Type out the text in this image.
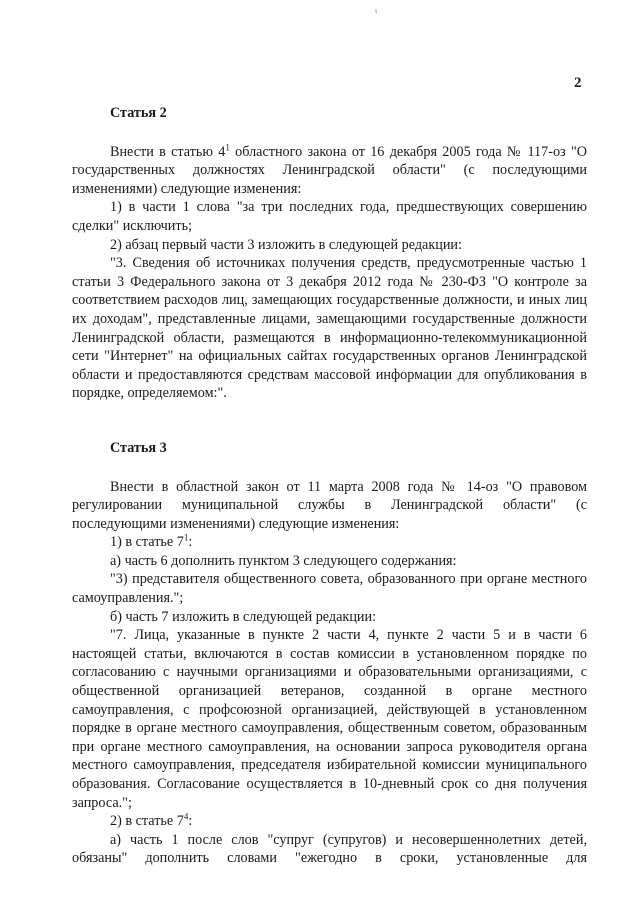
ι
2
Статья 2
Внести в статью $4^1$ областного закона от 16 декабря 2005 года № 117-оз "О государственных должностях Ленинградской области" (с последующими изменениями) следующие изменения:
1) в части 1 слова "за три последних года, предшествующих совершению сделки" исключить;
2) абзац первый части 3 изложить в следующей редакции:
"3. Сведения об источниках получения средств, предусмотренные частью 1 статьи 3 Федерального закона от 3 декабря 2012 года № 230-ФЗ "О контроле за соответствием расходов лиц, замещающих государственные должности, и иных лиц их доходам", представленные лицами, замещающими государственные должности Ленинградской области, размещаются в информационно-телекоммуникационной сети "Интернет" на официальных сайтах государственных органов Ленинградской области и предоставляются средствам массовой информации для опубликования в порядке, определяемом:".
Статья 3
Внести в областной закон от 11 марта 2008 года № 14-оз "О правовом регулировании муниципальной службы в Ленинградской области" (с последующими изменениями) следующие изменения:
1) в статье $7^1$:
а) часть 6 дополнить пунктом 3 следующего содержания:
"3) представителя общественного совета, образованного при органе местного самоуправления.";
б) часть 7 изложить в следующей редакции:
"7. Лица, указанные в пункте 2 части 4, пункте 2 части 5 и в части 6 настоящей статьи, включаются в состав комиссии в установленном порядке по согласованию с научными организациями и образовательными организациями, с общественной организацией ветеранов, созданной в органе местного самоуправления, с профсоюзной организацией, действующей в установленном порядке в органе местного самоуправления, общественным советом, образованным при органе местного самоуправления, на основании запроса руководителя органа местного самоуправления, председателя избирательной комиссии муниципального образования. Согласование осуществляется в 10-дневный срок со дня получения запроса.";
2) в статье $7^4$:
а) часть 1 после слов "супруг (супругов) и несовершеннолетних детей, обязаны" дополнить словами "ежегодно в сроки, установленные для
